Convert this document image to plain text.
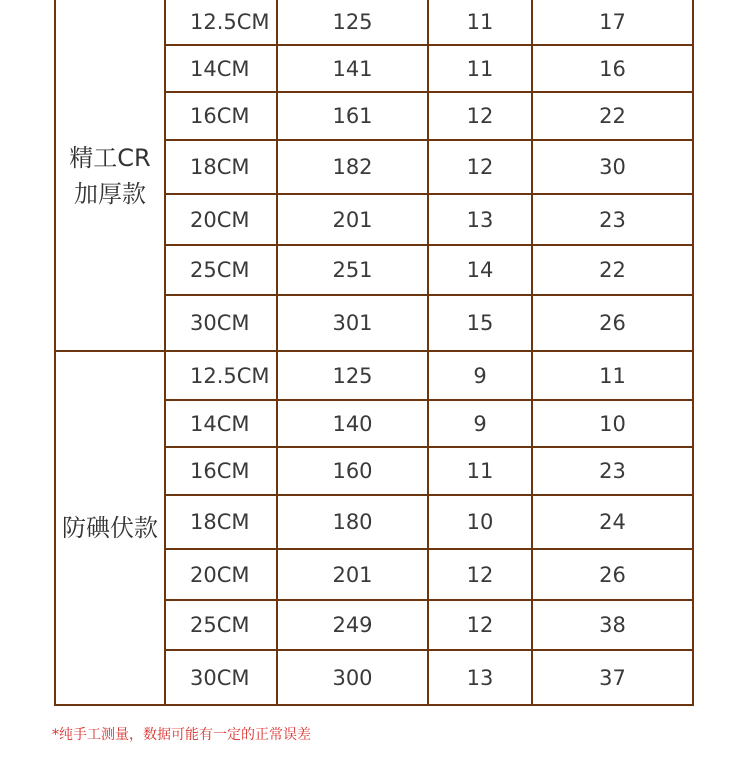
精工CR
加厚款
12.5CM	125	11	17
14CM	141	11	16
16CM	161	12	22
18CM	182	12	30
20CM	201	13	23
25CM	251	14	22
30CM	301	15	26
防碘伏款
12.5CM	125	9	11
14CM	140	9	10
16CM	160	11	23
18CM	180	10	24
20CM	201	12	26
25CM	249	12	38
30CM	300	13	37
*纯手工测量，数据可能有一定的正常误差
